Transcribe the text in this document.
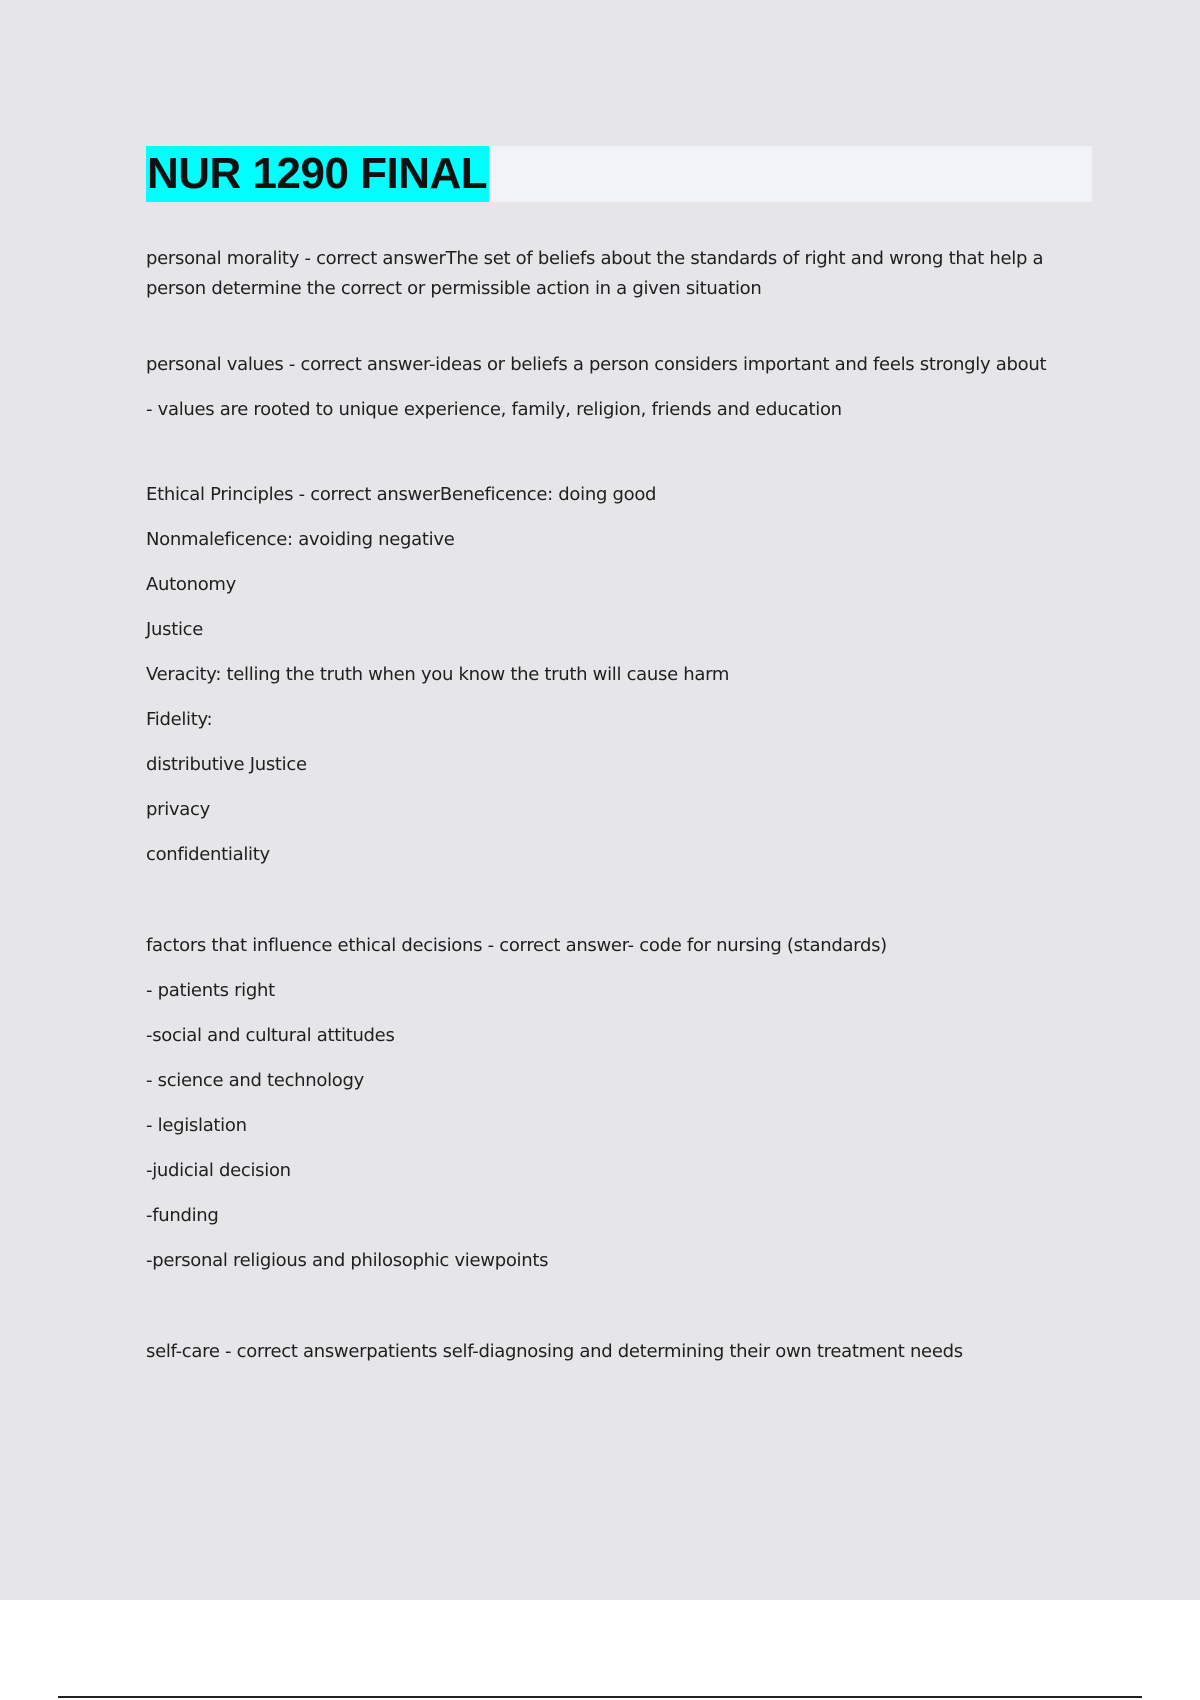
NUR 1290 FINAL

personal morality - correct answerThe set of beliefs about the standards of right and wrong that help a person determine the correct or permissible action in a given situation

personal values - correct answer-ideas or beliefs a person considers important and feels strongly about

- values are rooted to unique experience, family, religion, friends and education

Ethical Principles - correct answerBeneficence: doing good

Nonmaleficence: avoiding negative

Autonomy

Justice

Veracity: telling the truth when you know the truth will cause harm

Fidelity:

distributive Justice

privacy

confidentiality

factors that influence ethical decisions - correct answer- code for nursing (standards)

- patients right

-social and cultural attitudes

- science and technology

- legislation

-judicial decision

-funding

-personal religious and philosophic viewpoints

self-care - correct answerpatients self-diagnosing and determining their own treatment needs
